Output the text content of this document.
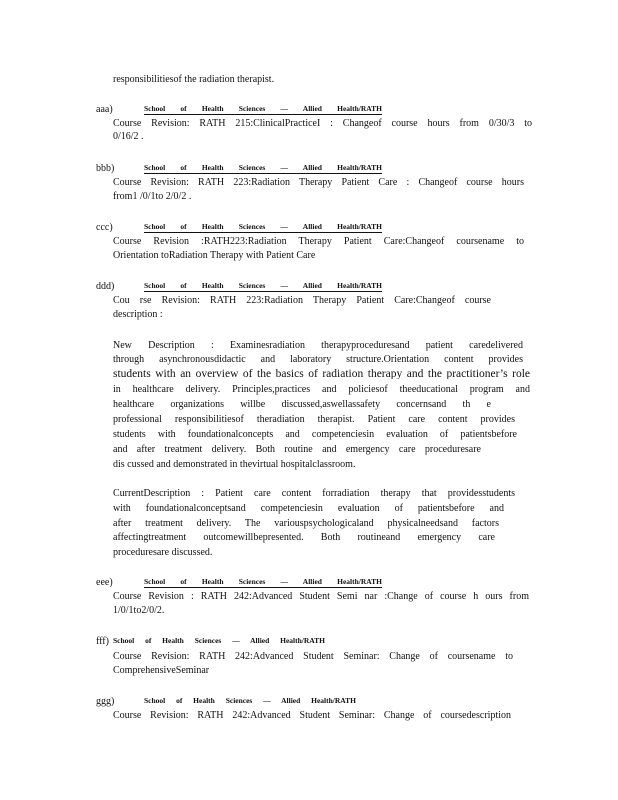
responsibilitiesof the radiation therapist.
aaa)	School of Health Sciences — Allied Health/RATH
Course Revision: RATH 215:ClinicalPracticeI : Changeof course hours from 0/30/3 to
0/16/2 .
bbb)	School of Health Sciences — Allied Health/RATH
Course Revision: RATH 223:Radiation Therapy Patient Care : Changeof course hours
from1 /0/1to 2/0/2 .
ccc)	School of Health Sciences — Allied Health/RATH
Course Revision :RATH223:Radiation Therapy Patient Care:Changeof coursename to
Orientation toRadiation Therapy with Patient Care
ddd)	School of Health Sciences — Allied Health/RATH
Cou rse Revision: RATH 223:Radiation Therapy Patient Care:Changeof course
description :
New Description : Examinesradiation therapyproceduresand patient caredelivered
through asynchronousdidactic and laboratory structure.Orientation content provides
students with an overview of the basics of radiation therapy and the practitioner’s role
in healthcare delivery. Principles,practices and policiesof theeducational program and
healthcare organizations willbe discussed,aswellassafety concernsand th e
professional responsibilitiesof theradiation therapist. Patient care content provides
students with foundationalconcepts and competenciesin evaluation of patientsbefore
and after treatment delivery. Both routine and emergency care proceduresare
dis cussed and demonstrated in thevirtual hospitalclassroom.
CurrentDescription : Patient care content forradiation therapy that providesstudents
with foundationalconceptsand competenciesin evaluation of patientsbefore and
after treatment delivery. The variouspsychologicaland physicalneedsand factors
affectingtreatment outcomewillbepresented. Both routineand emergency care
proceduresare discussed.
eee)	School of Health Sciences — Allied Health/RATH
Course Revision : RATH 242:Advanced Student Semi nar :Change of course h ours from
1/0/1to2/0/2.
fff) School of Health Sciences — Allied Health/RATH
Course Revision: RATH 242:Advanced Student Seminar: Change of coursename to
ComprehensiveSeminar
ggg)	School of Health Sciences — Allied Health/RATH
Course Revision: RATH 242:Advanced Student Seminar: Change of coursedescription
